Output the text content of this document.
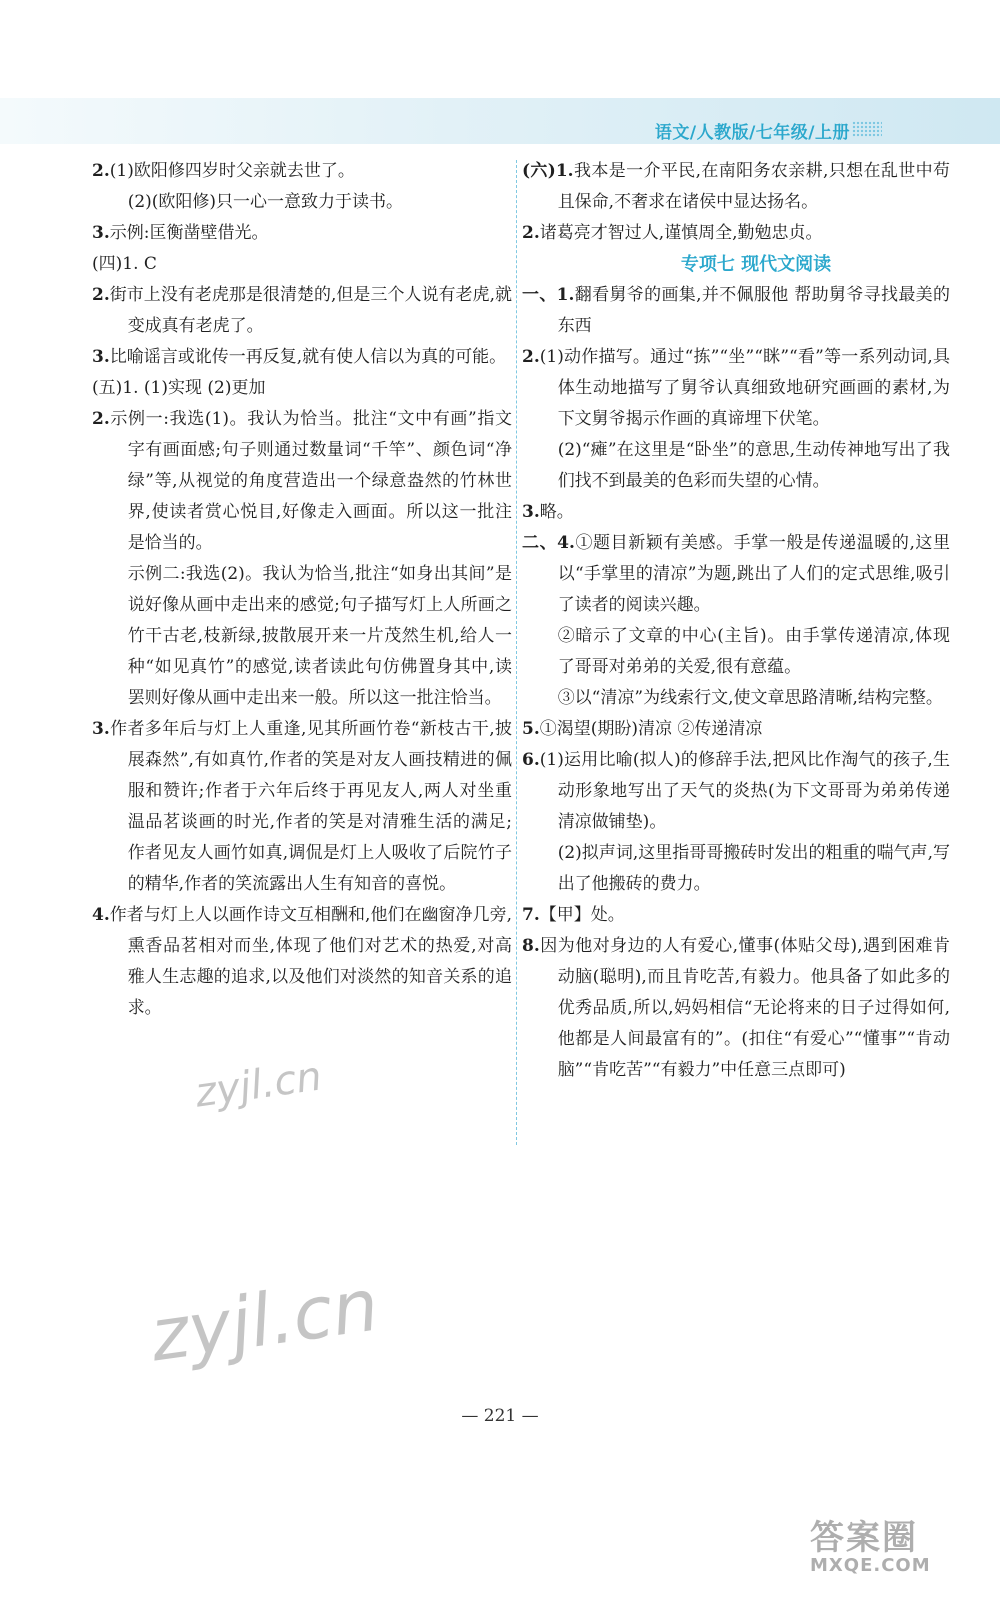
语文/人教版/七年级/上册

2.(1)欧阳修四岁时父亲就去世了。

(2)(欧阳修)只一心一意致力于读书。

3.示例:匡衡凿壁借光。

(四)1. C

2.街市上没有老虎那是很清楚的,但是三个人说有老虎,就变成真有老虎了。

3.比喻谣言或讹传一再反复,就有使人信以为真的可能。

(五)1. (1)实现 (2)更加

2.示例一:我选(1)。我认为恰当。批注“文中有画”指文字有画面感;句子则通过数量词“千竿”、颜色词“净绿”等,从视觉的角度营造出一个绿意盎然的竹林世界,使读者赏心悦目,好像走入画面。所以这一批注是恰当的。

示例二:我选(2)。我认为恰当,批注“如身出其间”是说好像从画中走出来的感觉;句子描写灯上人所画之竹干古老,枝新绿,披散展开来一片茂然生机,给人一种“如见真竹”的感觉,读者读此句仿佛置身其中,读罢则好像从画中走出来一般。所以这一批注恰当。

3.作者多年后与灯上人重逢,见其所画竹卷“新枝古干,披展森然”,有如真竹,作者的笑是对友人画技精进的佩服和赞许;作者于六年后终于再见友人,两人对坐重温品茗谈画的时光,作者的笑是对清雅生活的满足;作者见友人画竹如真,调侃是灯上人吸收了后院竹子的精华,作者的笑流露出人生有知音的喜悦。

4.作者与灯上人以画作诗文互相酬和,他们在幽窗净几旁,熏香品茗相对而坐,体现了他们对艺术的热爱,对高雅人生志趣的追求,以及他们对淡然的知音关系的追求。

(六)1.我本是一介平民,在南阳务农亲耕,只想在乱世中苟且保命,不奢求在诸侯中显达扬名。

2.诸葛亮才智过人,谨慎周全,勤勉忠贞。

专项七 现代文阅读

一、1.翻看舅爷的画集,并不佩服他 帮助舅爷寻找最美的东西

2.(1)动作描写。通过“拣”“坐”“眯”“看”等一系列动词,具体生动地描写了舅爷认真细致地研究画画的素材,为下文舅爷揭示作画的真谛埋下伏笔。

(2)“瘫”在这里是“卧坐”的意思,生动传神地写出了我们找不到最美的色彩而失望的心情。

3.略。

二、4.①题目新颖有美感。手掌一般是传递温暖的,这里以“手掌里的清凉”为题,跳出了人们的定式思维,吸引了读者的阅读兴趣。

②暗示了文章的中心(主旨)。由手掌传递清凉,体现了哥哥对弟弟的关爱,很有意蕴。

③以“清凉”为线索行文,使文章思路清晰,结构完整。

5.①渴望(期盼)清凉 ②传递清凉

6.(1)运用比喻(拟人)的修辞手法,把风比作淘气的孩子,生动形象地写出了天气的炎热(为下文哥哥为弟弟传递清凉做铺垫)。

(2)拟声词,这里指哥哥搬砖时发出的粗重的喘气声,写出了他搬砖的费力。

7.【甲】处。

8.因为他对身边的人有爱心,懂事(体贴父母),遇到困难肯动脑(聪明),而且肯吃苦,有毅力。他具备了如此多的优秀品质,所以,妈妈相信“无论将来的日子过得如何,他都是人间最富有的”。(扣住“有爱心”“懂事”“肯动脑”“肯吃苦”“有毅力”中任意三点即可)

— 221 —
zyjl.cn
zyjl.cn
答案圈
MXQE.COM
